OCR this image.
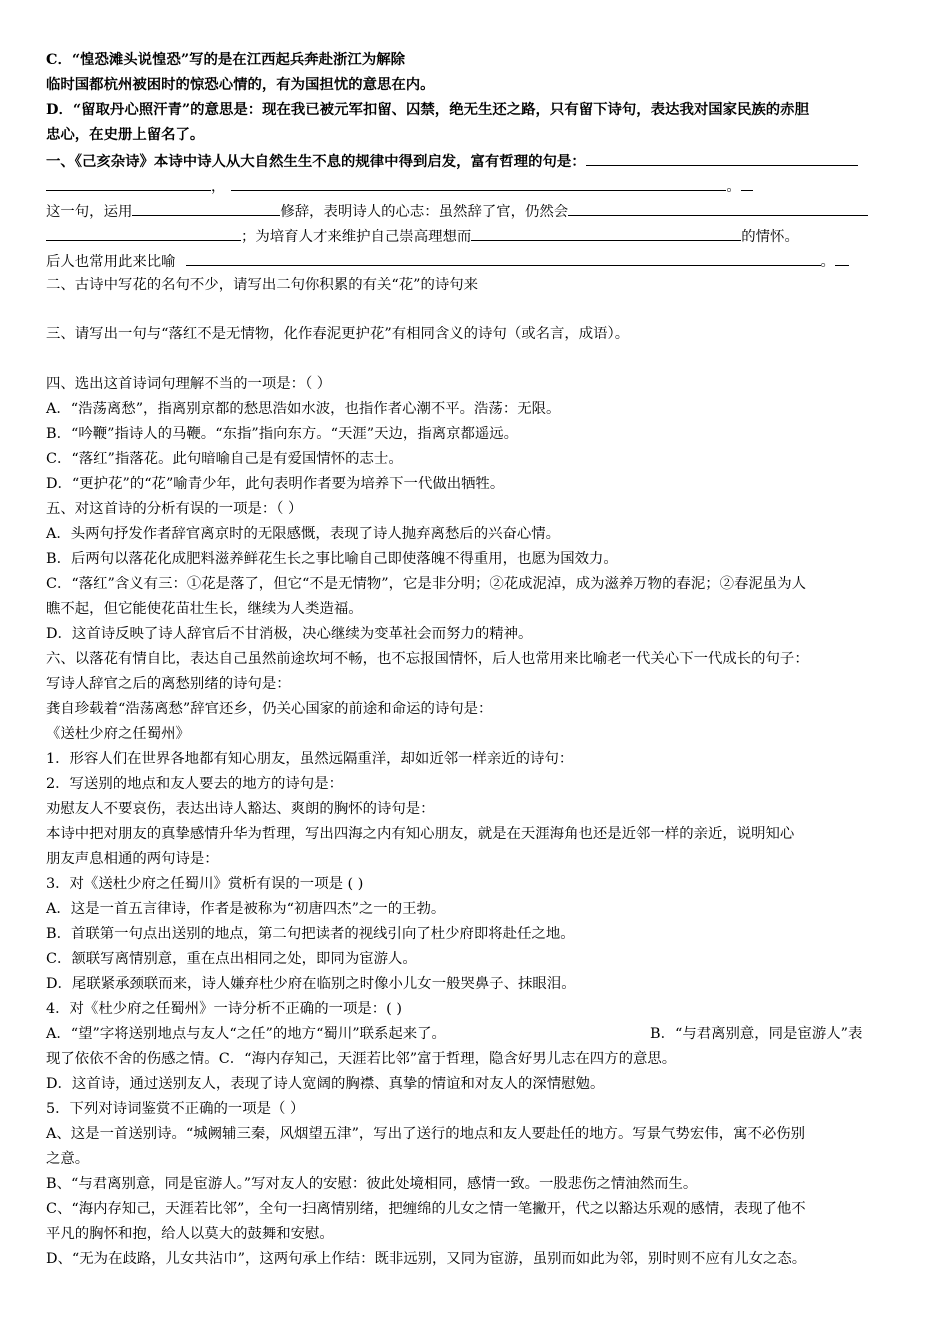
C．“惶恐滩头说惶恐”写的是在江西起兵奔赴浙江为解除

临时国都杭州被困时的惊恐心情的，有为国担忧的意思在内。

D．“留取丹心照汗青”的意思是：现在我已被元军扣留、囚禁，绝无生还之路，只有留下诗句，表达我对国家民族的赤胆

忠心，在史册上留名了。

一、《己亥杂诗》本诗中诗人从大自然生生不息的规律中得到启发，富有哲理的句是：

，	。

这一句，运用	修辞，表明诗人的心志：虽然辞了官，仍然会

；为培育人才来维护自己崇高理想而	的情怀。

后人也常用此来比喻	。

二、古诗中写花的名句不少，请写出二句你积累的有关“花”的诗句来

三、请写出一句与“落红不是无情物，化作春泥更护花”有相同含义的诗句（或名言，成语）。

四、选出这首诗词句理解不当的一项是：（ ）

A．“浩荡离愁”，指离别京都的愁思浩如水波，也指作者心潮不平。浩荡：无限。

B．“吟鞭”指诗人的马鞭。“东指”指向东方。“天涯”天边，指离京都遥远。

C．“落红”指落花。此句暗喻自己是有爱国情怀的志士。

D．“更护花”的“花”喻青少年，此句表明作者要为培养下一代做出牺牲。

五、对这首诗的分析有误的一项是：（ ）

A．头两句抒发作者辞官离京时的无限感慨，表现了诗人抛弃离愁后的兴奋心情。

B．后两句以落花化成肥料滋养鲜花生长之事比喻自己即使落魄不得重用，也愿为国效力。

C．“落红”含义有三：①花是落了，但它“不是无情物”，它是非分明；②花成泥淖，成为滋养万物的春泥；②春泥虽为人

瞧不起，但它能使花苗壮生长，继续为人类造福。

D．这首诗反映了诗人辞官后不甘消极，决心继续为变革社会而努力的精神。

六、以落花有情自比，表达自己虽然前途坎坷不畅，也不忘报国情怀，后人也常用来比喻老一代关心下一代成长的句子：

写诗人辞官之后的离愁别绪的诗句是：

龚自珍载着“浩荡离愁”辞官还乡，仍关心国家的前途和命运的诗句是：

《送杜少府之任蜀州》

1．形容人们在世界各地都有知心朋友，虽然远隔重洋，却如近邻一样亲近的诗句：

2．写送别的地点和友人要去的地方的诗句是：

劝慰友人不要哀伤，表达出诗人豁达、爽朗的胸怀的诗句是：

本诗中把对朋友的真挚感情升华为哲理，写出四海之内有知心朋友，就是在天涯海角也还是近邻一样的亲近，说明知心

朋友声息相通的两句诗是：

3．对《送杜少府之任蜀川》赏析有误的一项是 ( )

A．这是一首五言律诗，作者是被称为“初唐四杰”之一的王勃。

B．首联第一句点出送别的地点，第二句把读者的视线引向了杜少府即将赴任之地。

C．颔联写离情别意，重在点出相同之处，即同为宦游人。

D．尾联紧承颈联而来，诗人嫌弃杜少府在临别之时像小儿女一般哭鼻子、抹眼泪。

4．对《杜少府之任蜀州》一诗分析不正确的一项是：( )

A．“望”字将送别地点与友人“之任”的地方“蜀川”联系起来了。	B．“与君离别意，同是宦游人”表

现了依依不舍的伤感之情。C．“海内存知己，天涯若比邻”富于哲理，隐含好男儿志在四方的意思。

D．这首诗，通过送别友人，表现了诗人宽阔的胸襟、真挚的情谊和对友人的深情慰勉。

5．下列对诗词鉴赏不正确的一项是（ ）

A、这是一首送别诗。“城阙辅三秦，风烟望五津”，写出了送行的地点和友人要赴任的地方。写景气势宏伟，寓不必伤别

之意。

B、“与君离别意，同是宦游人。”写对友人的安慰：彼此处境相同，感情一致。一股悲伤之情油然而生。

C、“海内存知己，天涯若比邻”，全句一扫离情别绪，把缠绵的儿女之情一笔撇开，代之以豁达乐观的感情，表现了他不

平凡的胸怀和抱，给人以莫大的鼓舞和安慰。

D、“无为在歧路，儿女共沾巾”，这两句承上作结：既非远别，又同为宦游，虽别而如此为邻，别时则不应有儿女之态。
